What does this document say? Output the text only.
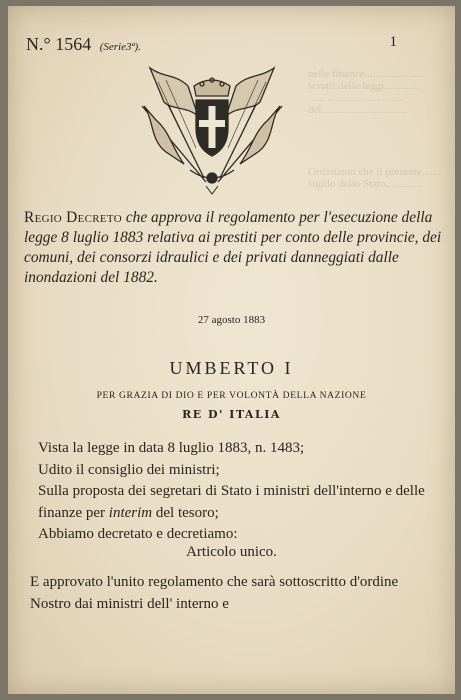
nelle finanze.....................
scrutti delle leggi.............
...................................
del...............................
Ordiniamo che il presente.......
sigillo dello Stato.............
N.° 1564 (Serie3ª).	1
Regio Decreto che approva il regolamento per l'esecuzione della legge 8 luglio 1883 relativa ai prestiti per conto delle provincie, dei comuni, dei consorzi idraulici e dei privati danneggiati dalle inondazioni del 1882.
27 agosto 1883
UMBERTO I
PER GRAZIA DI DIO E PER VOLONTÀ DELLA NAZIONE
RE D' ITALIA
Vista la legge in data 8 luglio 1883, n. 1483;
Udito il consiglio dei ministri;
Sulla proposta dei segretari di Stato i ministri dell'interno e delle finanze per interim del tesoro;
Abbiamo decretato e decretiamo:
Articolo unico.
E approvato l'unito regolamento che sarà sottoscritto d'ordine Nostro dai ministri dell' interno e
